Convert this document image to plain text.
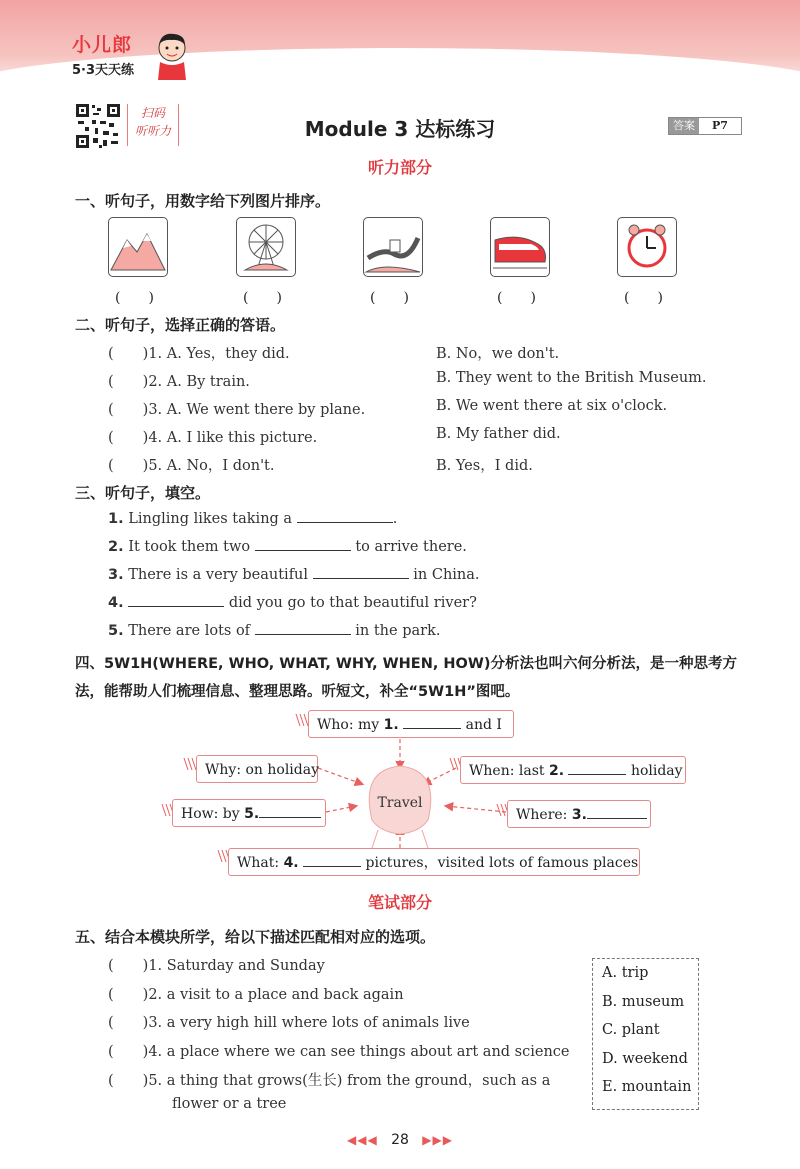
小儿郎
5·3天天练
扫码
听听力	Module 3 达标练习	答案	P7
听力部分
一、听句子，用数字给下列图片排序。
(　　)	(　　)	(　　)	(　　)	(　　)
二、听句子，选择正确的答语。
(　　)1. A. Yes，they did.	B. No，we don't.
(　　)2. A. By train.	B. They went to the British Museum.
(　　)3. A. We went there by plane.	B. We went there at six o'clock.
(　　)4. A. I like this picture.	B. My father did.
(　　)5. A. No，I don't.	B. Yes，I did.
三、听句子，填空。
1. Lingling likes taking a	.
2. It took them two	to arrive there.
3. There is a very beautiful	in China.
4.	did you go to that beautiful river?
5. There are lots of	in the park.
四、5W1H(WHERE, WHO, WHAT, WHY, WHEN, HOW)分析法也叫六何分析法，是一种思考方
法，能帮助人们梳理信息、整理思路。听短文，补全“5W1H”图吧。
Travel
Who: my 1.	and I
Why: on holiday	When: last 2.	holiday
How: by 5.	Where: 3.
What: 4.	pictures，visited lots of famous places
笔试部分
五、结合本模块所学，给以下描述匹配相对应的选项。
(　　)1. Saturday and Sunday
(　　)2. a visit to a place and back again
(　　)3. a very high hill where lots of animals live
(　　)4. a place where we can see things about art and science
(　　)5. a thing that grows(生长) from the ground，such as a
flower or a tree
A. trip
B. museum
C. plant
D. weekend
E. mountain
◀◀◀ 28 ▶▶▶
